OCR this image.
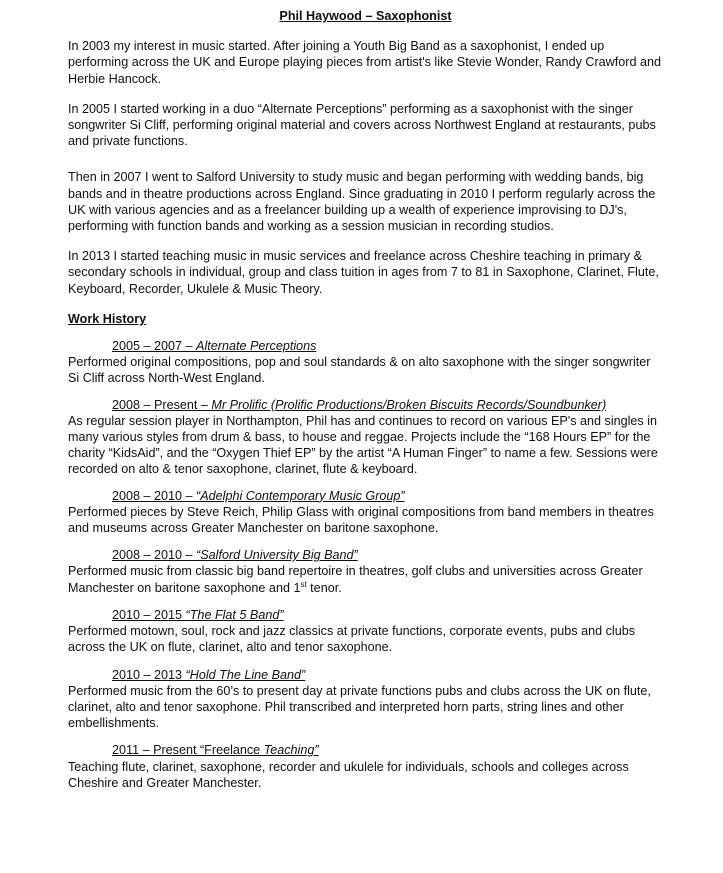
Phil Haywood – Saxophonist

In 2003 my interest in music started. After joining a Youth Big Band as a saxophonist, I ended up performing across the UK and Europe playing pieces from artist's like Stevie Wonder, Randy Crawford and Herbie Hancock.

In 2005 I started working in a duo “Alternate Perceptions” performing as a saxophonist with the singer songwriter Si Cliff, performing original material and covers across Northwest England at restaurants, pubs and private functions.

Then in 2007 I went to Salford University to study music and began performing with wedding bands, big bands and in theatre productions across England. Since graduating in 2010 I perform regularly across the UK with various agencies and as a freelancer building up a wealth of experience improvising to DJ's, performing with function bands and working as a session musician in recording studios.

In 2013 I started teaching music in music services and freelance across Cheshire teaching in primary & secondary schools in individual, group and class tuition in ages from 7 to 81 in Saxophone, Clarinet, Flute, Keyboard, Recorder, Ukulele & Music Theory.

Work History
2005 – 2007 – Alternate Perceptions

Performed original compositions, pop and soul standards & on alto saxophone with the singer songwriter Si Cliff across North-West England.

2008 – Present – Mr Prolific (Prolific Productions/Broken Biscuits Records/Soundbunker)

As regular session player in Northampton, Phil has and continues to record on various EP's and singles in many various styles from drum & bass, to house and reggae. Projects include the “168 Hours EP” for the charity “KidsAid”, and the “Oxygen Thief EP” by the artist “A Human Finger” to name a few. Sessions were recorded on alto & tenor saxophone, clarinet, flute & keyboard.

2008 – 2010 – “Adelphi Contemporary Music Group”

Performed pieces by Steve Reich, Philip Glass with original compositions from band members in theatres and museums across Greater Manchester on baritone saxophone.

2008 – 2010 – “Salford University Big Band”

Performed music from classic big band repertoire in theatres, golf clubs and universities across Greater Manchester on baritone saxophone and 1st tenor.

2010 – 2015 “The Flat 5 Band”

Performed motown, soul, rock and jazz classics at private functions, corporate events, pubs and clubs across the UK on flute, clarinet, alto and tenor saxophone.

2010 – 2013 “Hold The Line Band”

Performed music from the 60’s to present day at private functions pubs and clubs across the UK on flute, clarinet, alto and tenor saxophone. Phil transcribed and interpreted horn parts, string lines and other embellishments.

2011 – Present “Freelance Teaching”

Teaching flute, clarinet, saxophone, recorder and ukulele for individuals, schools and colleges across Cheshire and Greater Manchester.
